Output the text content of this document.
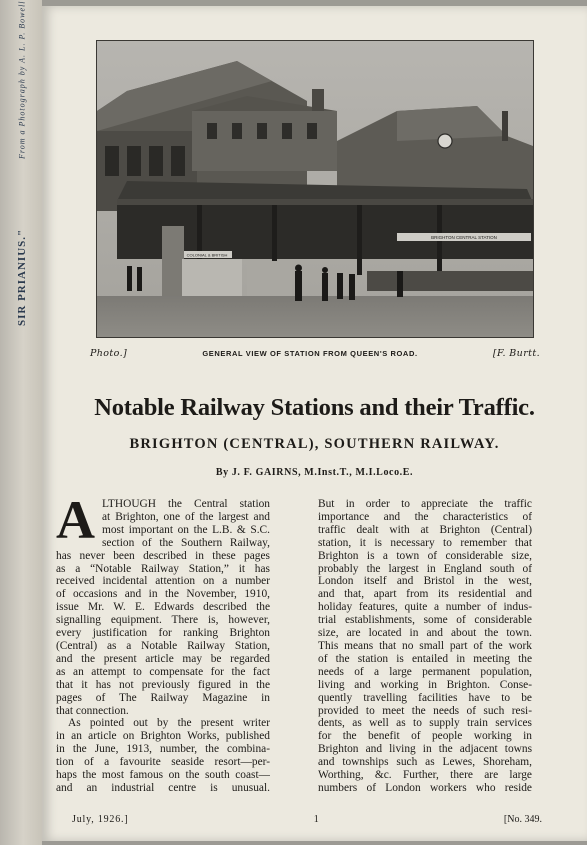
SIR PRIANIUS."
From a Photograph by A. L. P. Bowell
COLONIAL & BRITISH
BRIGHTON CENTRAL STATION
Photo.]	GENERAL VIEW OF STATION FROM QUEEN'S ROAD.	[F. Burtt.
Notable Railway Stations and their Traffic.
BRIGHTON (CENTRAL), SOUTHERN RAILWAY.
By J. F. GAIRNS, M.Inst.T., M.I.Loco.E.
A LTHOUGH the Central station
at Brighton, one of the largest and
most important on the L.B. & S.C.
section of the Southern Railway,
has never been described in these pages
as a “Notable Railway Station,” it has
received incidental attention on a number
of occasions and in the November, 1910,
issue Mr. W. E. Edwards described the
signalling equipment. There is, however,
every justification for ranking Brighton
(Central) as a Notable Railway Station,
and the present article may be regarded
as an attempt to compensate for the fact
that it has not previously figured in the
pages of The Railway Magazine in
that connection.
As pointed out by the present writer
in an article on Brighton Works, published
in the June, 1913, number, the combina-
tion of a favourite seaside resort—per-
haps the most famous on the south coast—
and an industrial centre is unusual.
But in order to appreciate the traffic
importance and the characteristics of
traffic dealt with at Brighton (Central)
station, it is necessary to remember that
Brighton is a town of considerable size,
probably the largest in England south of
London itself and Bristol in the west,
and that, apart from its residential and
holiday features, quite a number of indus-
trial establishments, some of considerable
size, are located in and about the town.
This means that no small part of the work
of the station is entailed in meeting the
needs of a large permanent population,
living and working in Brighton. Conse-
quently travelling facilities have to be
provided to meet the needs of such resi-
dents, as well as to supply train services
for the benefit of people working in
Brighton and living in the adjacent towns
and townships such as Lewes, Shoreham,
Worthing, &c. Further, there are large
numbers of London workers who reside
July, 1926.]	1	[No. 349.
